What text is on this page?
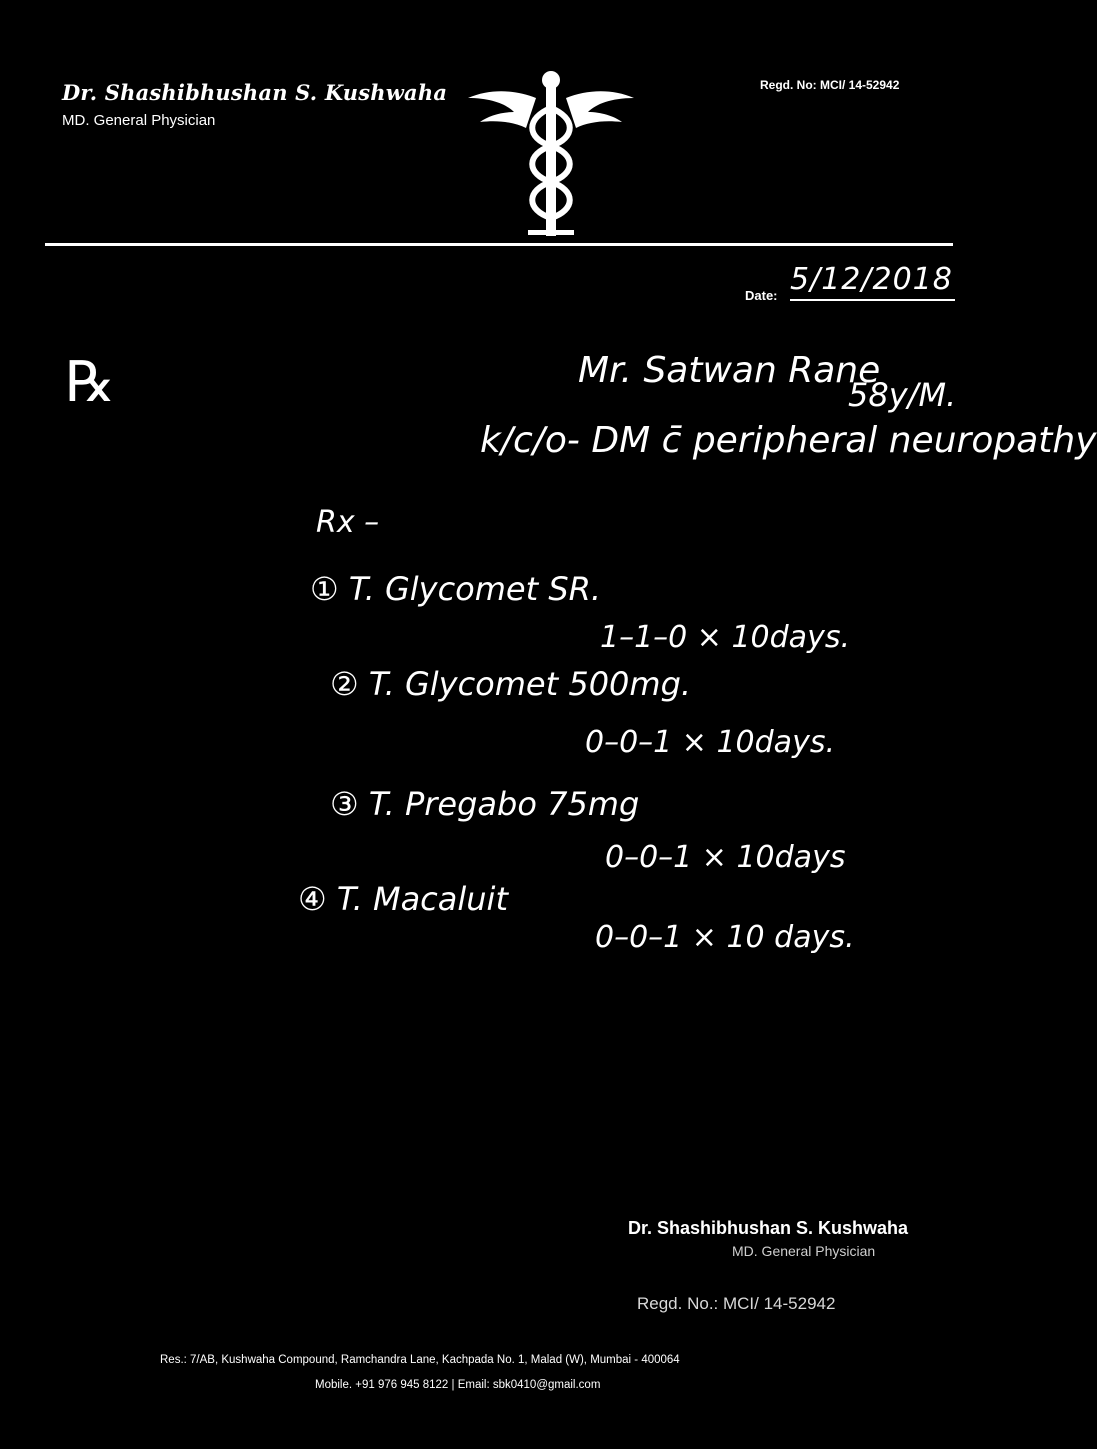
Dr. Shashibhushan S. Kushwaha
MD. General Physician
Regd. No: MCI/ 14-52942
Date: 5/12/2018
℞	Mr. Satwan Rane
58y/M.
k/c/o- DM c̄ peripheral neuropathy
Rx –
① T. Glycomet SR.
1–1–0 × 10days.
② T. Glycomet 500mg.
0–0–1 × 10days.
③ T. Pregabo 75mg
0–0–1 × 10days
④ T. Macaluit
0–0–1 × 10 days.
Dr. Shashibhushan S. Kushwaha
MD. General Physician
Regd. No.: MCI/ 14-52942
Res.: 7/AB, Kushwaha Compound, Ramchandra Lane, Kachpada No. 1, Malad (W), Mumbai - 400064
Mobile. +91 976 945 8122 | Email: sbk0410@gmail.com
